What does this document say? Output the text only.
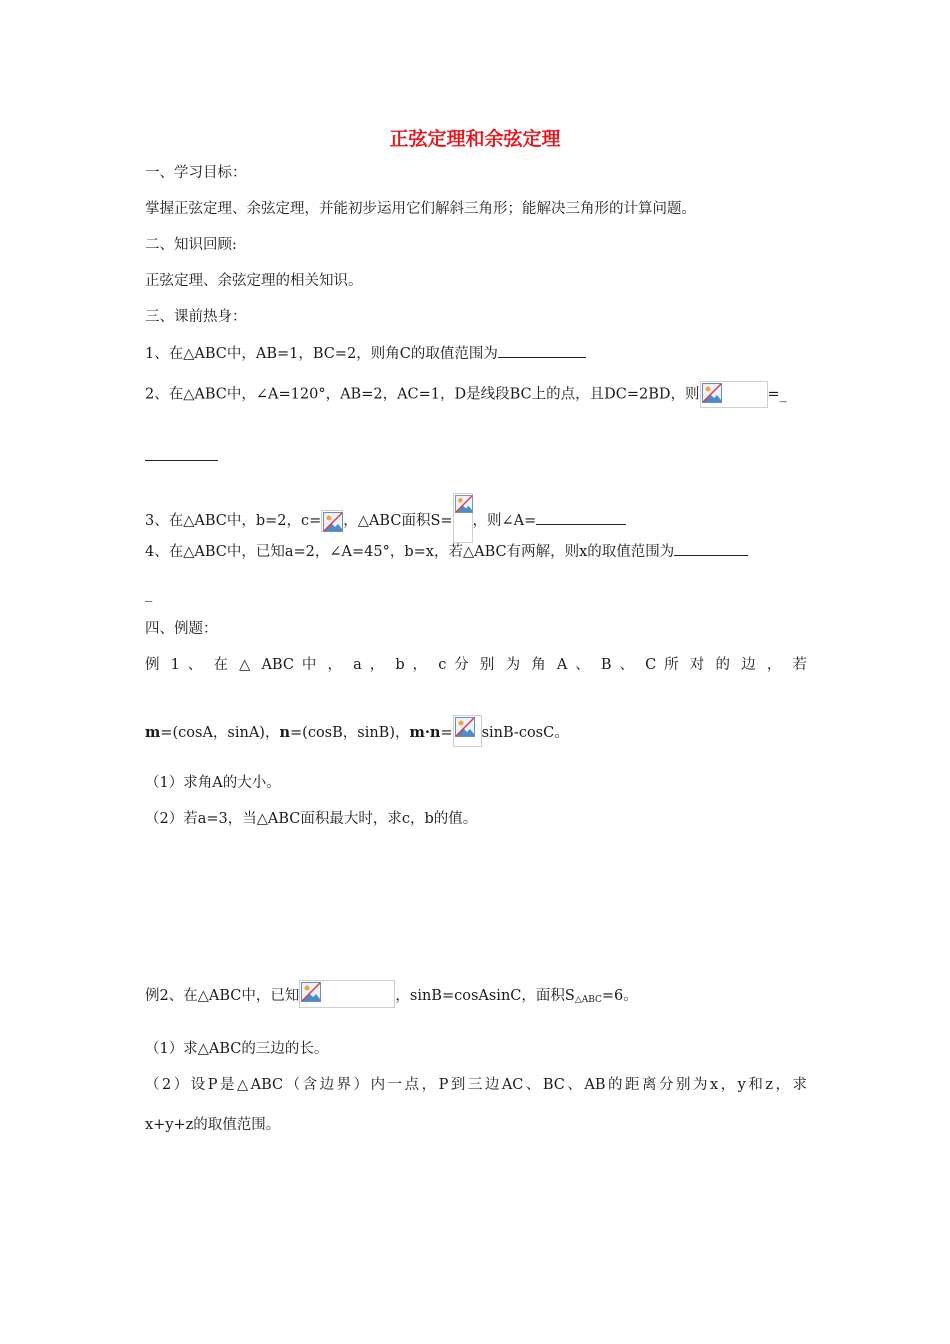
正弦定理和余弦定理
一、学习目标：
掌握正弦定理、余弦定理，并能初步运用它们解斜三角形；能解决三角形的计算问题。
二、知识回顾:
正弦定理、余弦定理的相关知识。
三、课前热身：
1、在△ABC中，AB=1，BC=2，则角C的取值范围为
2、在△ABC中，∠A=120°，AB=2，AC=1，D是线段BC上的点，且DC=2BD，则	=_
3、在△ABC中，b=2，c= ，△ABC面积S= ，则∠A=
4、在△ABC中，已知a=2，∠A=45°，b=x，若△ABC有两解，则x的取值范围为
_
四、例题：
例 1 、 在 △ ABC 中 ， a ， b ， c 分 别 为 角 A 、 B 、 C 所 对 的 边 ， 若
m=(cosA，sinA)，n=(cosB，sinB)，m·n= sinB-cosC。
（1）求角A的大小。
（2）若a=3，当△ABC面积最大时，求c，b的值。
例2、在△ABC中，已知	，sinB=cosAsinC，面积$S_{\triangle ABC}=6$。
（1）求△ABC的三边的长。
（2）设P是△ABC（含边界）内一点，P到三边AC、BC、AB的距离分别为x，y和z，求
x+y+z的取值范围。
